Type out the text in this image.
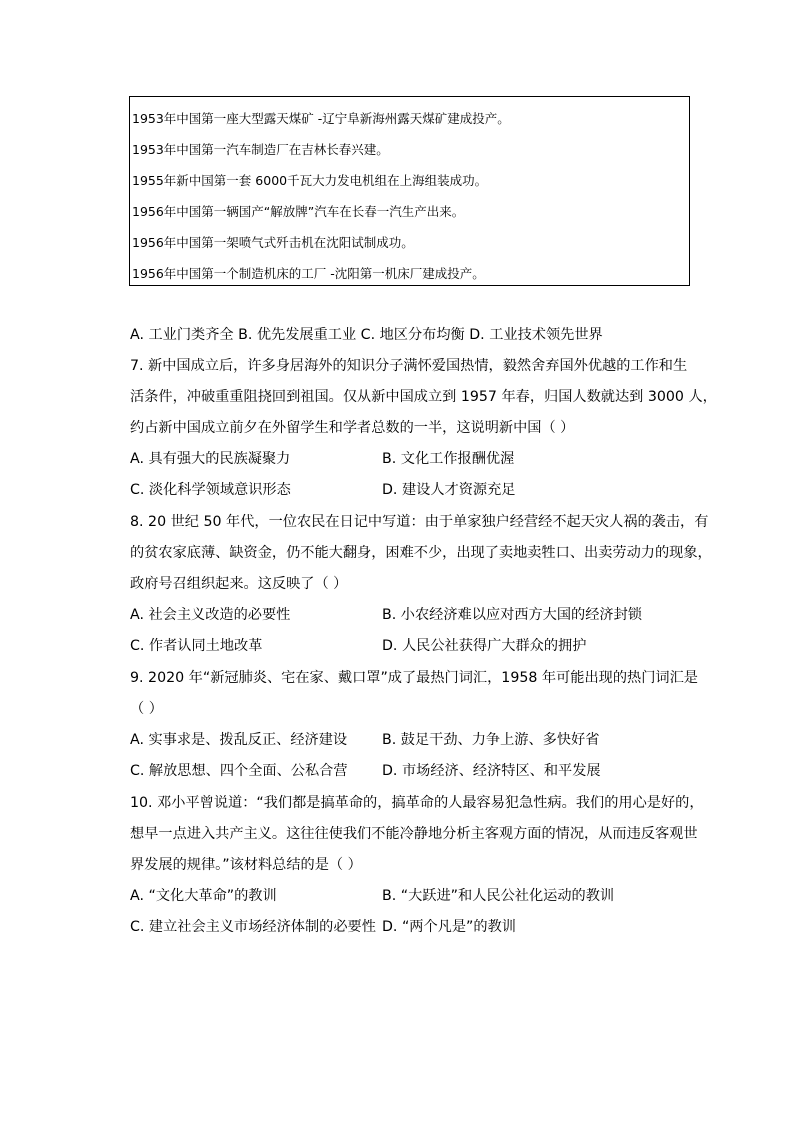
1953年中国第一座大型露天煤矿 -辽宁阜新海州露天煤矿建成投产。
1953年中国第一汽车制造厂在吉林长春兴建。
1955年新中国第一套 6000千瓦大力发电机组在上海组装成功。
1956年中国第一辆国产“解放牌”汽车在长春一汽生产出来。
1956年中国第一架喷气式歼击机在沈阳试制成功。
1956年中国第一个制造机床的工厂 -沈阳第一机床厂建成投产。
A. 工业门类齐全 B. 优先发展重工业 C. 地区分布均衡 D. 工业技术领先世界
7. 新中国成立后，许多身居海外的知识分子满怀爱国热情，毅然舍弃国外优越的工作和生
活条件，冲破重重阻挠回到祖国。仅从新中国成立到 1957 年春，归国人数就达到 3000 人，
约占新中国成立前夕在外留学生和学者总数的一半，这说明新中国（ ）
A. 具有强大的民族凝聚力	B. 文化工作报酬优渥
C. 淡化科学领域意识形态	D. 建设人才资源充足
8. 20 世纪 50 年代，一位农民在日记中写道：由于单家独户经营经不起天灾人祸的袭击，有
的贫农家底薄、缺资金，仍不能大翻身，困难不少，出现了卖地卖牲口、出卖劳动力的现象，
政府号召组织起来。这反映了（ ）
A. 社会主义改造的必要性	B. 小农经济难以应对西方大国的经济封锁
C. 作者认同土地改革	D. 人民公社获得广大群众的拥护
9. 2020 年“新冠肺炎、宅在家、戴口罩”成了最热门词汇，1958 年可能出现的热门词汇是
（ ）
A. 实事求是、拨乱反正、经济建设 B. 鼓足干劲、力争上游、多快好省
C. 解放思想、四个全面、公私合营 D. 市场经济、经济特区、和平发展
10. 邓小平曾说道：“我们都是搞革命的，搞革命的人最容易犯急性病。我们的用心是好的，
想早一点进入共产主义。这往往使我们不能冷静地分析主客观方面的情况，从而违反客观世
界发展的规律。”该材料总结的是（ ）
A. “文化大革命”的教训	B. “大跃进”和人民公社化运动的教训
C. 建立社会主义市场经济体制的必要性 D. “两个凡是”的教训
